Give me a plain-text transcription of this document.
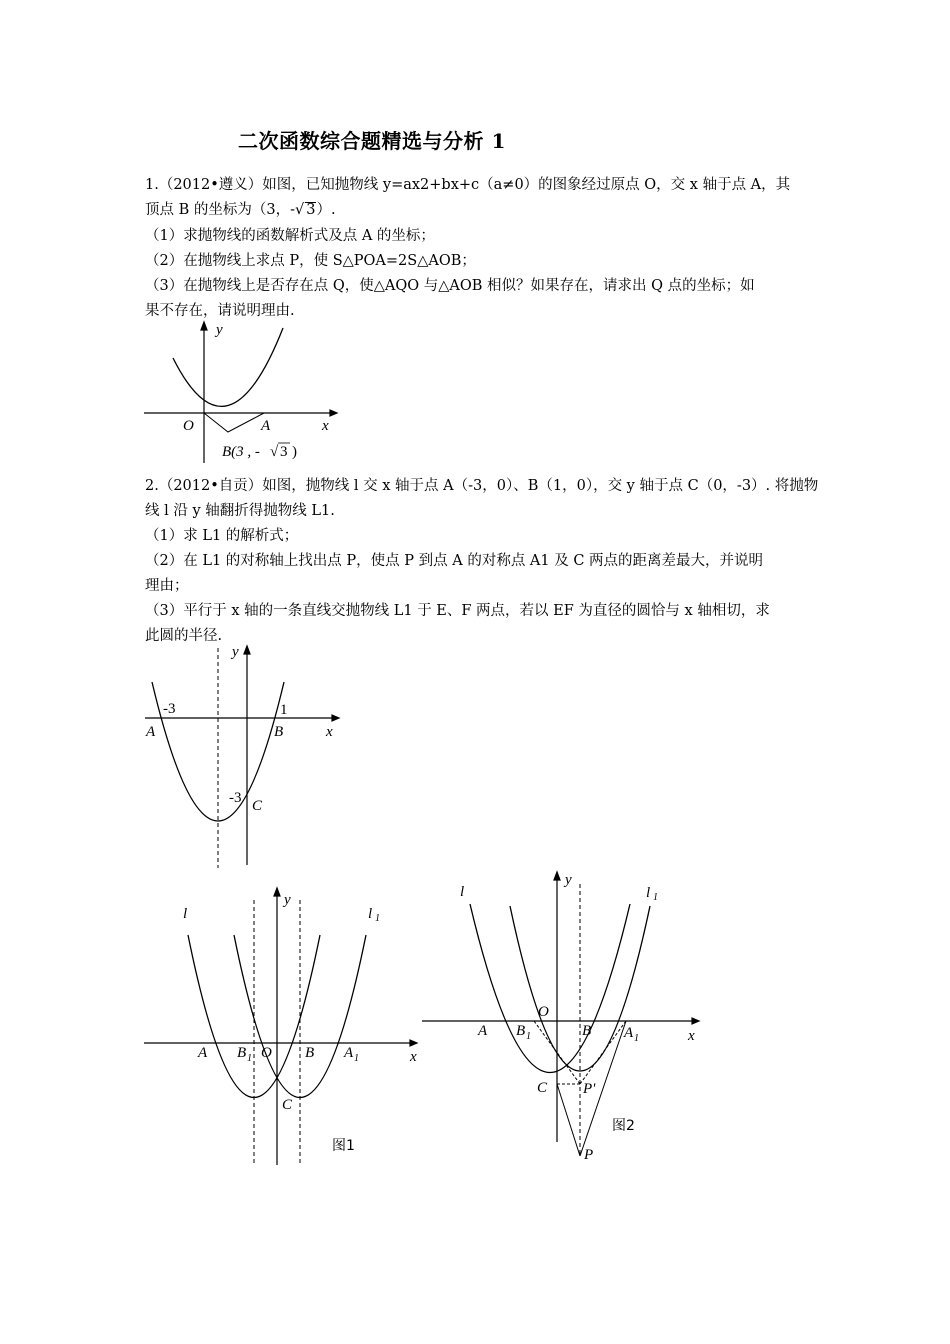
二次函数综合题精选与分析 1
1.（2012•遵义）如图，已知抛物线 y=ax2+bx+c（a≠0）的图象经过原点 O，交 x 轴于点 A，其
顶点 B 的坐标为（3，-√ 3）.
（1）求抛物线的函数解析式及点 A 的坐标；
（2）在抛物线上求点 P，使 S△POA=2S△AOB；
（3）在抛物线上是否存在点 Q，使△AQO 与△AOB 相似？如果存在，请求出 Q 点的坐标；如
果不存在，请说明理由.
y
x
O	A
B(3 , - √ 3 )
2.（2012•自贡）如图，抛物线 l 交 x 轴于点 A（-3，0）、B（1，0），交 y 轴于点 C（0，-3）. 将抛物
线 l 沿 y 轴翻折得抛物线 L1.
（1）求 L1 的解析式；
（2）在 L1 的对称轴上找出点 P，使点 P 到点 A 的对称点 A1 及 C 两点的距离差最大，并说明
理由；
（3）平行于 x 轴的一条直线交抛物线 L1 于 E、F 两点，若以 EF 为直径的圆恰与 x 轴相切，求
此圆的半径.
y
x
-3	1
A	B
-3 C
l	l 1
y
x
A B 1 O B A 1
C
图1
l	l 1
y
x
O
A B 1	B A 1
C P'
P
图2
